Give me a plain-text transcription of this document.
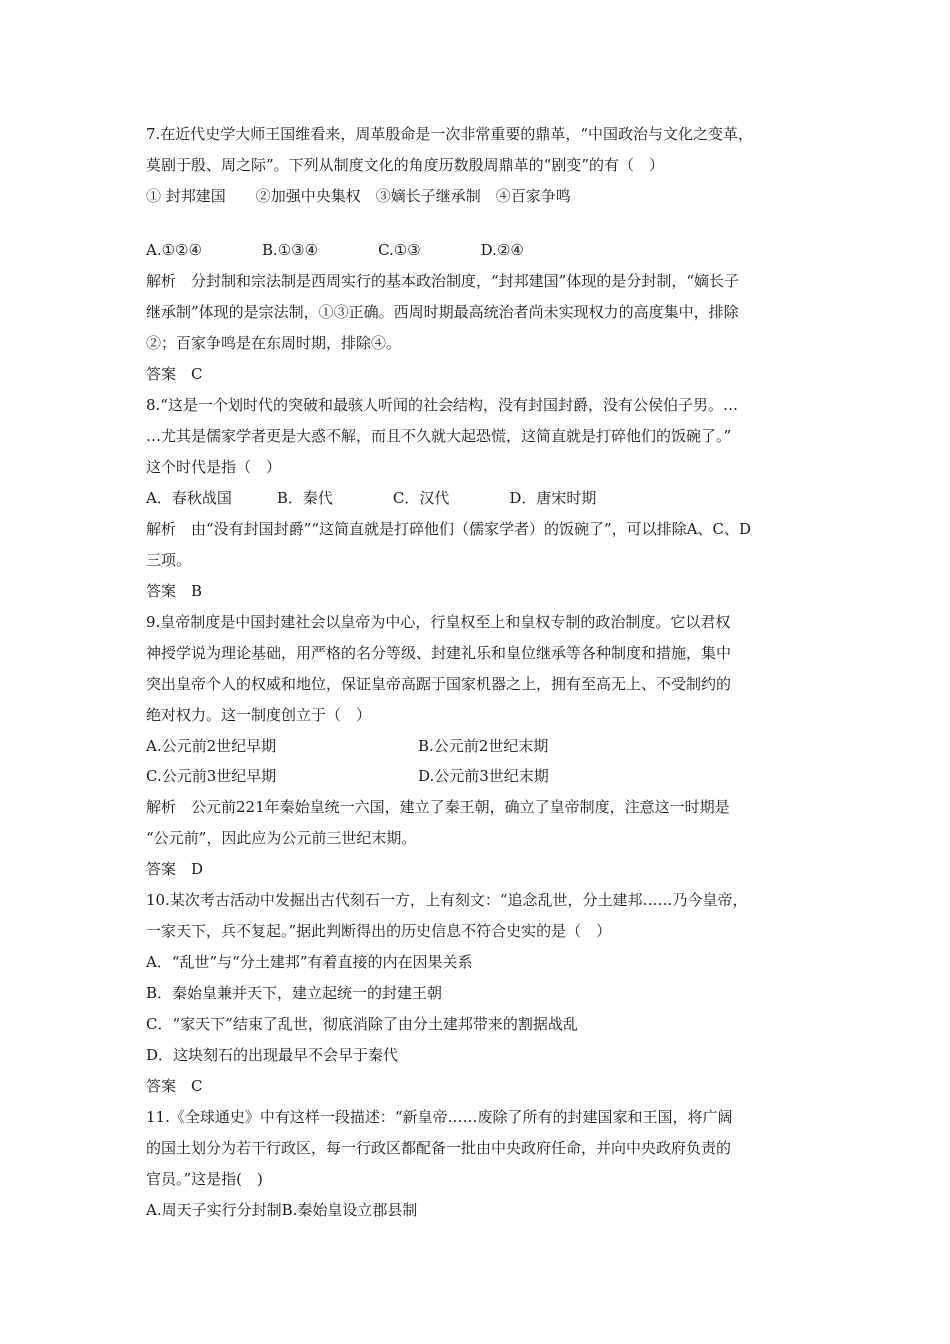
7.在近代史学大师王国维看来，周革殷命是一次非常重要的鼎革，“中国政治与文化之变革，
莫剧于殷、周之际”。下列从制度文化的角度历数殷周鼎革的“剧变”的有（　）
① 封邦建国　　②加强中央集权　③嫡长子继承制　④百家争鸣
A.①②④　　　　B.①③④　　　　C.①③　　　　D.②④
解析　分封制和宗法制是西周实行的基本政治制度，“封邦建国”体现的是分封制，“嫡长子
继承制”体现的是宗法制，①③正确。西周时期最高统治者尚未实现权力的高度集中，排除
②；百家争鸣是在东周时期，排除④。
答案　C
8.“这是一个划时代的突破和最骇人听闻的社会结构，没有封国封爵，没有公侯伯子男。…
…尤其是儒家学者更是大惑不解，而且不久就大起恐慌，这简直就是打碎他们的饭碗了。”
这个时代是指（　）
A．春秋战国　　　B．秦代　　　　C．汉代　　　　D．唐宋时期
解析　由“没有封国封爵”“这简直就是打碎他们（儒家学者）的饭碗了”，可以排除A、C、D
三项。
答案　B
9.皇帝制度是中国封建社会以皇帝为中心，行皇权至上和皇权专制的政治制度。它以君权
神授学说为理论基础，用严格的名分等级、封建礼乐和皇位继承等各种制度和措施，集中
突出皇帝个人的权威和地位，保证皇帝高踞于国家机器之上，拥有至高无上、不受制约的
绝对权力。这一制度创立于（　）
A.公元前2世纪早期	B.公元前2世纪末期
C.公元前3世纪早期	D.公元前3世纪末期
解析　公元前221年秦始皇统一六国，建立了秦王朝，确立了皇帝制度，注意这一时期是
“公元前”，因此应为公元前三世纪末期。
答案　D
10.某次考古活动中发掘出古代刻石一方，上有刻文：“追念乱世，分土建邦……乃今皇帝，
一家天下，兵不复起。”据此判断得出的历史信息不符合史实的是（　）
A．“乱世”与“分土建邦”有着直接的内在因果关系
B．秦始皇兼并天下，建立起统一的封建王朝
C．“家天下”结束了乱世，彻底消除了由分土建邦带来的割据战乱
D．这块刻石的出现最早不会早于秦代
答案　C
11.《全球通史》中有这样一段描述：“新皇帝……废除了所有的封建国家和王国，将广阔
的国土划分为若干行政区，每一行政区都配备一批由中央政府任命，并向中央政府负责的
官员。”这是指(　)
A.周天子实行分封制B.秦始皇设立郡县制
